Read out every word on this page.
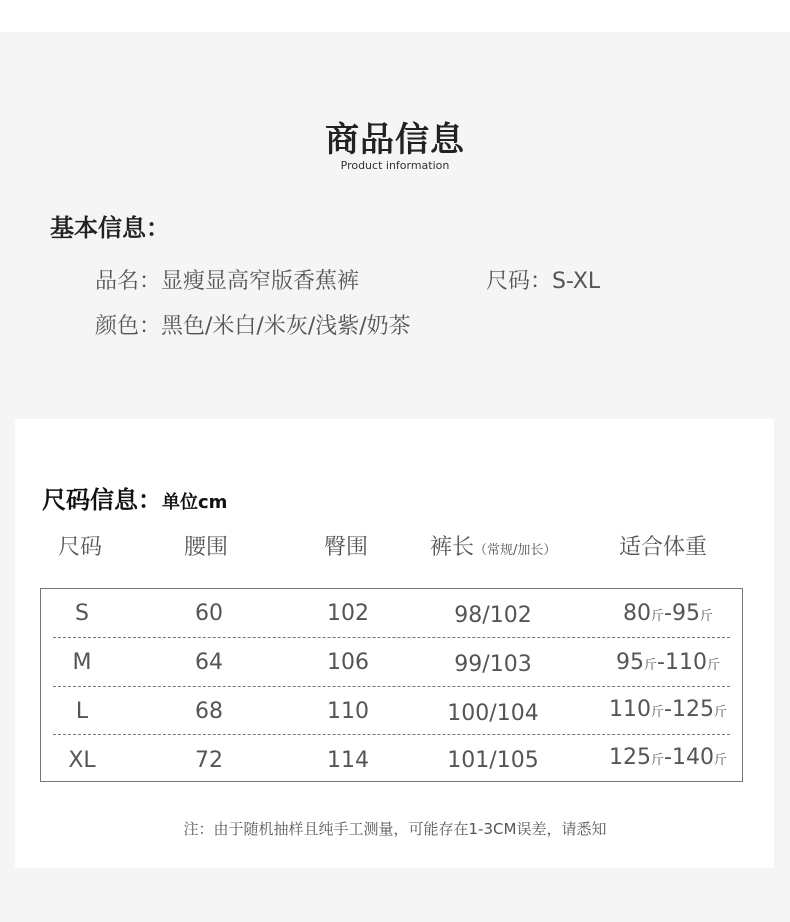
商品信息
Product information
基本信息：
品名：显瘦显高窄版香蕉裤	尺码：S-XL
颜色：黑色/米白/米灰/浅紫/奶茶
尺码信息：单位cm
尺码	腰围	臀围	裤长（常规/加长）	适合体重
S	60	102	98/102	80斤-95斤
M	64	106	99/103	95斤-110斤
L	68	110	100/104	110斤-125斤
XL	72	114	101/105	125斤-140斤
注：由于随机抽样且纯手工测量，可能存在1-3CM误差，请悉知
